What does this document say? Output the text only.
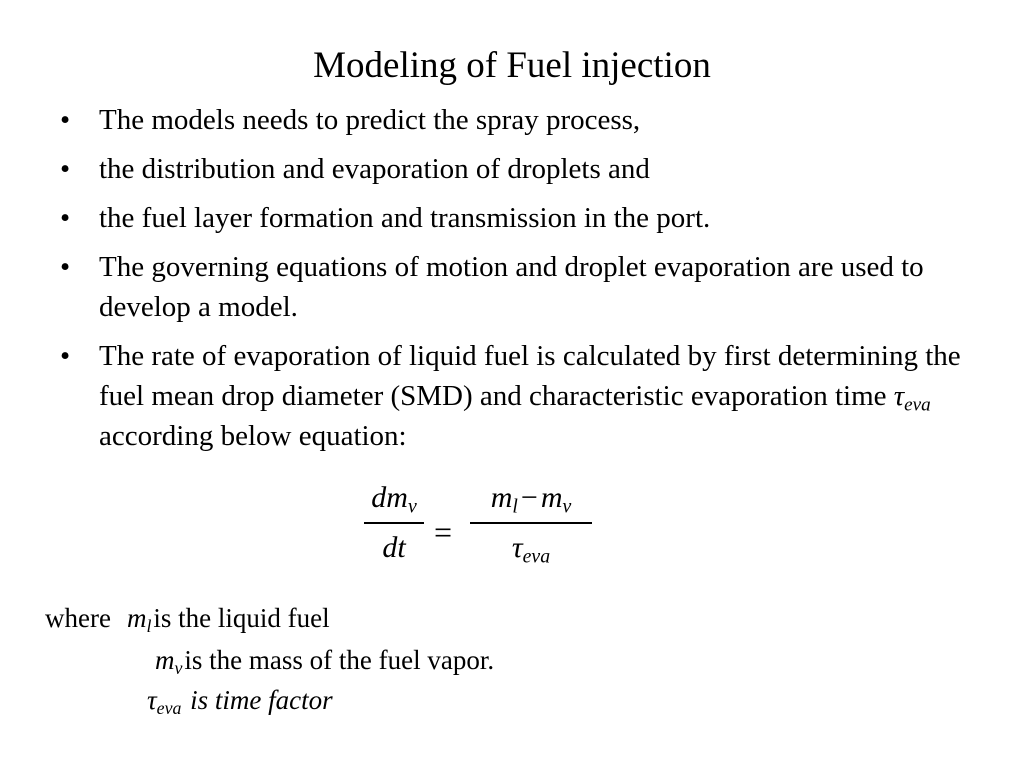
Modeling of Fuel injection
• The models needs to predict the spray process,
• the distribution and evaporation of droplets and
• the fuel layer formation and transmission in the port.
• The governing equations of motion and droplet evaporation are used to develop a model.
• The rate of evaporation of liquid fuel is calculated by first determining the fuel mean drop diameter (SMD) and characteristic evaporation time $\tau_{eva}$ according below equation:
$dm_v$
dt =
$m_l - m_v$
$\tau_{eva}$
where $m_lis$ the liquid fuel
$m_vis$ the mass of the fuel vapor.
$\tau_{eva}$ is time factor
